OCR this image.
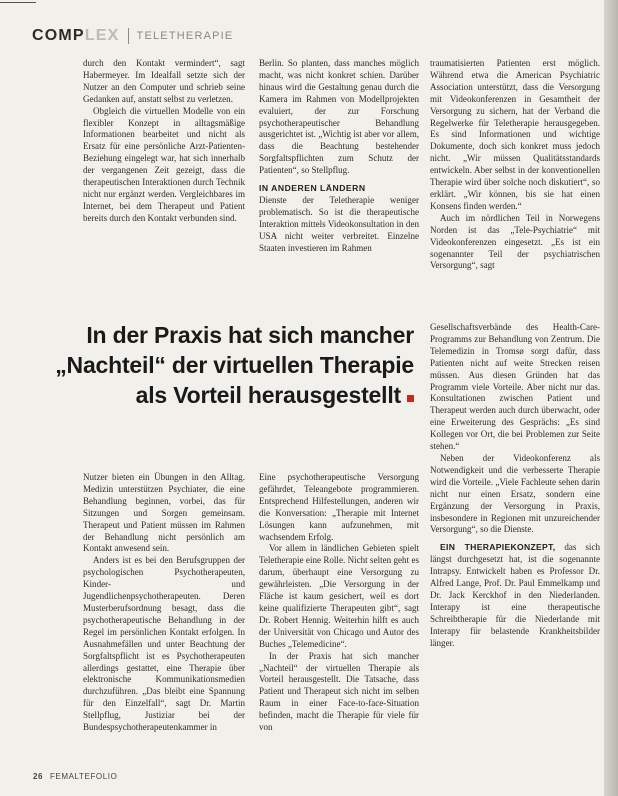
COMPLEX TELETHERAPIE

durch den Kontakt vermindert“, sagt Habermeyer. Im Idealfall setzte sich der Nutzer an den Computer und schrieb seine Gedanken auf, anstatt selbst zu verletzen.

Obgleich die virtuellen Modelle von ein flexibler Konzept in alltagsmäßige Informationen bearbeitet und nicht als Ersatz für eine persönliche Arzt-Patienten-Beziehung eingelegt war, hat sich innerhalb der vergangenen Zeit gezeigt, dass die therapeutischen Interaktionen durch Technik nicht nur ergänzt werden. Vergleichbares im Internet, bei dem Therapeut und Patient bereits durch den Kontakt verbunden sind.

Berlin. So planten, dass manches möglich macht, was nicht konkret schien. Darüber hinaus wird die Gestaltung genau durch die Kamera im Rahmen von Modellprojekten evaluiert, der zur Forschung psychotherapeutischer Behandlung ausgerichtet ist. „Wichtig ist aber vor allem, dass die Beachtung bestehender Sorgfaltspflichten zum Schutz der Patienten“, so Stellpflug.

IN ANDEREN LÄNDERN

Dienste der Teletherapie weniger problematisch. So ist die therapeutische Interaktion mittels Videokonsultation in den USA nicht weiter verbreitet. Einzelne Staaten investieren im Rahmen

traumatisierten Patienten erst möglich. Während etwa die American Psychiatric Association unterstützt, dass die Versorgung mit Videokonferenzen in Gesamtheit der Versorgung zu sichern, hat der Verband die Regelwerke für Teletherapie herausgegeben. Es sind Informationen und wichtige Dokumente, doch sich konkret muss jedoch nicht. „Wir müssen Qualitätsstandards entwickeln. Aber selbst in der konventionellen Therapie wird über solche noch diskutiert“, so erklärt. „Wir können, bis sie hat einen Konsens finden werden.“

Auch im nördlichen Teil in Norwegens Norden ist das „Tele-Psychiatrie“ mit Videokonferenzen eingesetzt. „Es ist ein sogenannter Teil der psychiatrischen Versorgung“, sagt

Gesellschaftsverbände des Health-Care-Programms zur Behandlung von Zentrum. Die Telemedizin in Tromsø sorgt dafür, dass Patienten nicht auf weite Strecken reisen müssen. Aus diesen Gründen hat das Programm viele Vorteile. Aber nicht nur das. Konsultationen zwischen Patient und Therapeut werden auch durch überwacht, oder eine Erweiterung des Gesprächs: „Es sind Kollegen vor Ort, die bei Problemen zur Seite stehen.“

Neben der Videokonferenz als Notwendigkeit und die verbesserte Therapie wird die Vorteile. „Viele Fachleute sehen darin nicht nur einen Ersatz, sondern eine Ergänzung der Versorgung in Praxis, insbesondere in Regionen mit unzureichender Versorgung“, so die Dienste.

EIN THERAPIEKONZEPT, das sich längst durchgesetzt hat, ist die sogenannte Intrapsy. Entwickelt haben es Professor Dr. Alfred Lange, Prof. Dr. Paul Emmelkamp und Dr. Jack Kerckhof in den Niederlanden. Interapy ist eine therapeutische Schreibtherapie für die Niederlande mit Interapy für belastende Krankheitsbilder länger.

Nutzer bieten ein Übungen in den Alltag. Medizin unterstützen Psychiater, die eine Behandlung beginnen, vorbei, das für Sitzungen und Sorgen gemeinsam. Therapeut und Patient müssen im Rahmen der Behandlung nicht persönlich am Kontakt anwesend sein.

Anders ist es bei den Berufsgruppen der psychologischen Psychotherapeuten, Kinder- und Jugendlichenpsychotherapeuten. Deren Musterberufsordnung besagt, dass die psychotherapeutische Behandlung in der Regel im persönlichen Kontakt erfolgen. In Ausnahmefällen und unter Beachtung der Sorgfaltspflicht ist es Psychotherapeuten allerdings gestattet, eine Therapie über elektronische Kommunikationsmedien durchzuführen. „Das bleibt eine Spannung für den Einzelfall“, sagt Dr. Martin Stellpflug, Justiziar bei der Bundespsychotherapeutenkammer in

Eine psychotherapeutische Versorgung gefährdet, Teleangebote programmieren. Entsprechend Hilfestellungen, anderen wir die Konversation: „Therapie mit Internet Lösungen kann aufzunehmen, mit wachsendem Erfolg.

Vor allem in ländlichen Gebieten spielt Teletherapie eine Rolle. Nicht selten geht es darum, überhaupt eine Versorgung zu gewährleisten. „Die Versorgung in der Fläche ist kaum gesichert, weil es dort keine qualifizierte Therapeuten gibt“, sagt Dr. Robert Hennig. Weiterhin hilft es auch der Universität von Chicago und Autor des Buches „Telemedicine“.

In der Praxis hat sich mancher „Nachteil“ der virtuellen Therapie als Vorteil herausgestellt. Die Tatsache, dass Patient und Therapeut sich nicht im selben Raum in einer Face-to-face-Situation befinden, macht die Therapie für viele für von

In der Praxis hat sich mancher
„Nachteil“ der virtuellen Therapie
als Vorteil herausgestellt
26 FEMALTEFOLIO
